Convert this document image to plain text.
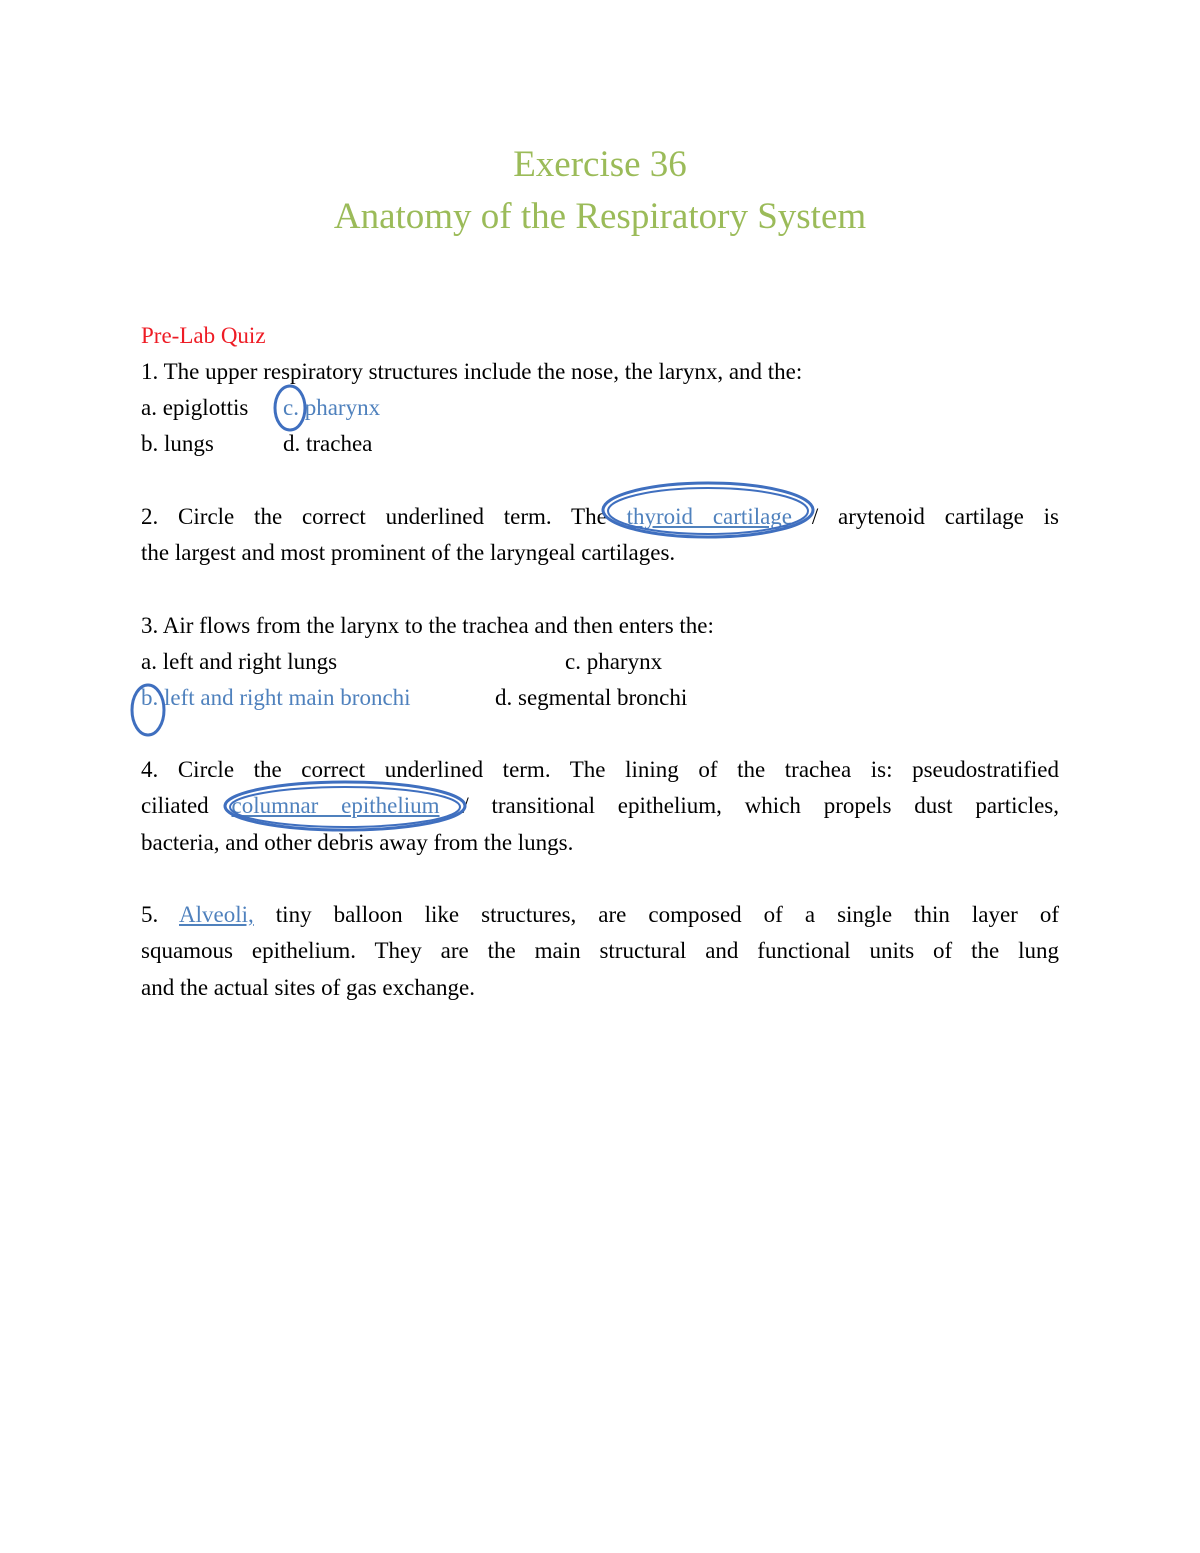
Exercise 36
Anatomy of the Respiratory System
Pre-Lab Quiz
1. The upper respiratory structures include the nose, the larynx, and the:
a. epiglottis c. pharynx
b. lungs	d. trachea
2. Circle the correct underlined term. The thyroid cartilage / arytenoid cartilage is
the largest and most prominent of the laryngeal cartilages.
3. Air flows from the larynx to the trachea and then enters the:
a. left and right lungs	c. pharynx
b. left and right main bronchi	d. segmental bronchi
4. Circle the correct underlined term. The lining of the trachea is: pseudostratified
ciliated columnar epithelium / transitional epithelium, which propels dust particles,
bacteria, and other debris away from the lungs.
5. Alveoli, tiny balloon like structures, are composed of a single thin layer of
squamous epithelium. They are the main structural and functional units of the lung
and the actual sites of gas exchange.
